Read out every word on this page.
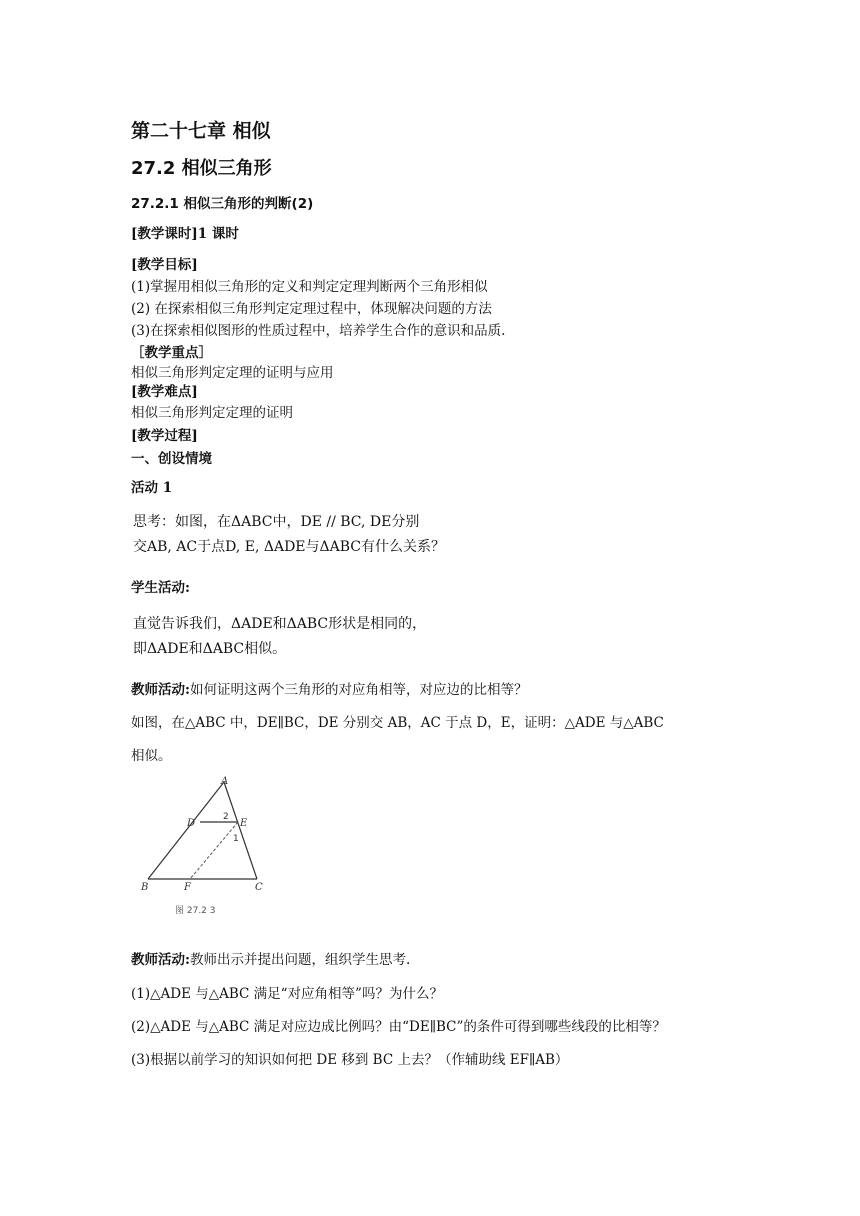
第二十七章 相似
27.2 相似三角形
27.2.1 相似三角形的判断(2)
[教学课时]1 课时
[教学目标]
(1)掌握用相似三角形的定义和判定定理判断两个三角形相似
(2) 在探索相似三角形判定定理过程中，体现解决问题的方法
(3)在探索相似图形的性质过程中，培养学生合作的意识和品质.
［教学重点］
相似三角形判定定理的证明与应用
[教学难点]
相似三角形判定定理的证明
[教学过程]
一、创设情境
活动 1
思考：如图，在ΔABC中，DE // BC, DE分别
交AB, AC于点D, E, ΔADE与ΔABC有什么关系？
学生活动:
直觉告诉我们，ΔADE和ΔABC形状是相同的，
即ΔADE和ΔABC相似。
教师活动:如何证明这两个三角形的对应角相等，对应边的比相等？
如图，在△ABC 中，DE∥BC，DE 分别交 AB，AC 于点 D，E，证明：△ADE 与△ABC
相似。
A
B	C
D	E
F
2
1
图 27.2 3
教师活动:教师出示并提出问题，组织学生思考.
(1)△ADE 与△ABC 满足“对应角相等”吗？为什么？
(2)△ADE 与△ABC 满足对应边成比例吗？由“DE∥BC”的条件可得到哪些线段的比相等？
(3)根据以前学习的知识如何把 DE 移到 BC 上去？（作辅助线 EF∥AB）
